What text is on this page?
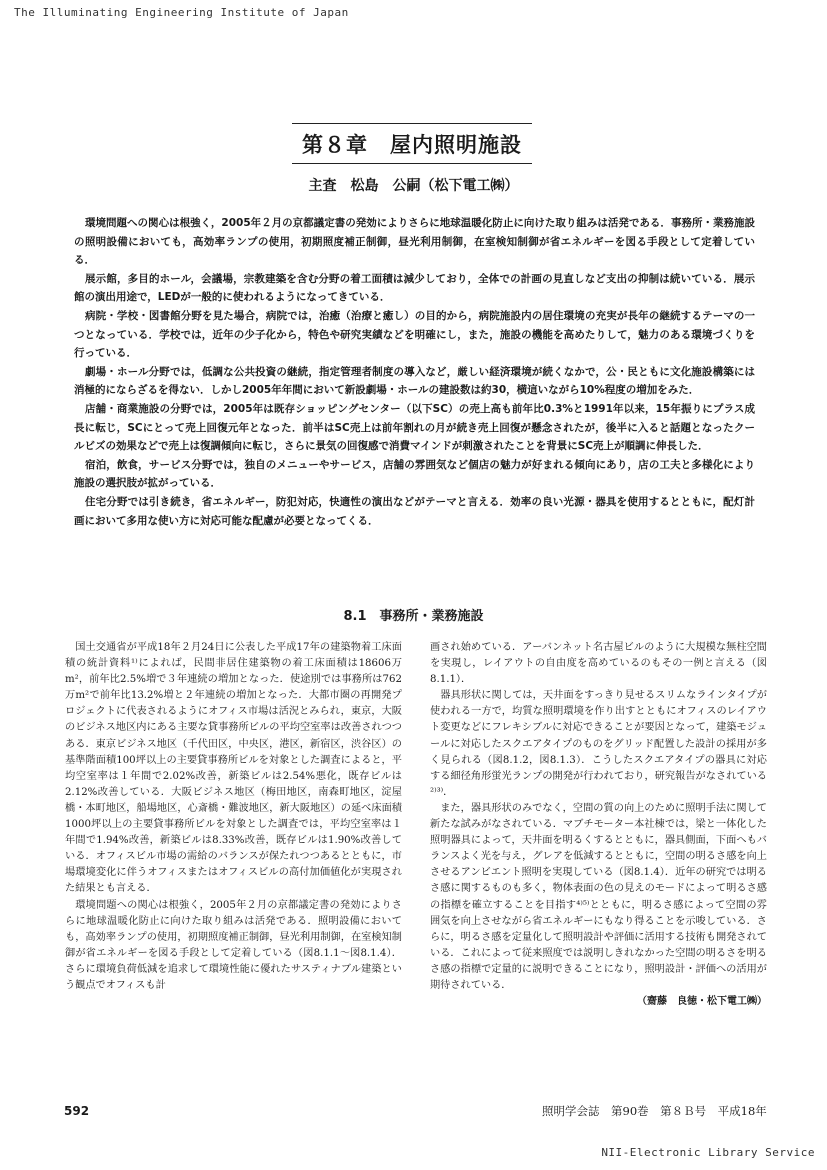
The Illuminating Engineering Institute of Japan
第８章　屋内照明施設
主査　松島　公嗣（松下電工㈱）

環境問題への関心は根強く，2005年２月の京都議定書の発効によりさらに地球温暖化防止に向けた取り組みは活発である．事務所・業務施設の照明設備においても，高効率ランプの使用，初期照度補正制御，昼光利用制御，在室検知制御が省エネルギーを図る手段として定着している．

展示館，多目的ホール，会議場，宗教建築を含む分野の着工面積は減少しており，全体での計画の見直しなど支出の抑制は続いている．展示館の演出用途で，LEDが一般的に使われるようになってきている．

病院・学校・図書館分野を見た場合，病院では，治癒（治療と癒し）の目的から，病院施設内の居住環境の充実が長年の継続するテーマの一つとなっている．学校では，近年の少子化から，特色や研究実績などを明確にし，また，施設の機能を高めたりして，魅力のある環境づくりを行っている．

劇場・ホール分野では，低調な公共投資の継続，指定管理者制度の導入など，厳しい経済環境が続くなかで，公・民ともに文化施設構築には消極的にならざるを得ない．しかし2005年年間において新設劇場・ホールの建設数は約30，横這いながら10%程度の増加をみた．

店舗・商業施設の分野では，2005年は既存ショッピングセンター（以下SC）の売上高も前年比0.3%と1991年以来，15年振りにプラス成長に転じ，SCにとって売上回復元年となった．前半はSC売上は前年割れの月が続き売上回復が懸念されたが，後半に入ると話題となったクールビズの効果などで売上は復調傾向に転じ，さらに景気の回復感で消費マインドが刺激されたことを背景にSC売上が順調に伸長した．

宿泊，飲食，サービス分野では，独自のメニューやサービス，店舗の雰囲気など個店の魅力が好まれる傾向にあり，店の工夫と多様化により施設の選択肢が拡がっている．

住宅分野では引き続き，省エネルギー，防犯対応，快適性の演出などがテーマと言える．効率の良い光源・器具を使用するとともに，配灯計画において多用な使い方に対応可能な配慮が必要となってくる．

8.1　事務所・業務施設

国土交通省が平成18年２月24日に公表した平成17年の建築物着工床面積の統計資料¹⁾によれば，民間非居住建築物の着工床面積は18606万m²，前年比2.5%増で３年連続の増加となった．使途別では事務所は762万m²で前年比13.2%増と２年連続の増加となった．大都市圏の再開発プロジェクトに代表されるようにオフィス市場は活況とみられ，東京，大阪のビジネス地区内にある主要な貸事務所ビルの平均空室率は改善されつつある．東京ビジネス地区（千代田区，中央区，港区，新宿区，渋谷区）の基準階面積100坪以上の主要貸事務所ビルを対象とした調査によると，平均空室率は１年間で2.02%改善，新築ビルは2.54%悪化，既存ビルは2.12%改善している．大阪ビジネス地区（梅田地区，南森町地区，淀屋橋・本町地区，船場地区，心斎橋・難波地区，新大阪地区）の延べ床面積1000坪以上の主要貸事務所ビルを対象とした調査では，平均空室率は１年間で1.94%改善，新築ビルは8.33%改善，既存ビルは1.90%改善している．オフィスビル市場の需給のバランスが保たれつつあるとともに，市場環境変化に伴うオフィスまたはオフィスビルの高付加価値化が実現された結果とも言える．

環境問題への関心は根強く，2005年２月の京都議定書の発効によりさらに地球温暖化防止に向けた取り組みは活発である．照明設備においても，高効率ランプの使用，初期照度補正制御，昼光利用制御，在室検知制御が省エネルギーを図る手段として定着している（図8.1.1〜図8.1.4）．さらに環境負荷低減を追求して環境性能に優れたサスティナブル建築という観点でオフィスも計

画され始めている．アーバンネット名古屋ビルのように大規模な無柱空間を実現し，レイアウトの自由度を高めているのもその一例と言える（図8.1.1）．

器具形状に関しては，天井面をすっきり見せるスリムなラインタイプが使われる一方で，均質な照明環境を作り出すとともにオフィスのレイアウト変更などにフレキシブルに対応できることが要因となって，建築モジュールに対応したスクエアタイプのものをグリッド配置した設計の採用が多く見られる（図8.1.2，図8.1.3）．こうしたスクエアタイプの器具に対応する細径角形蛍光ランプの開発が行われており，研究報告がなされている²⁾³⁾．

また，器具形状のみでなく，空間の質の向上のために照明手法に関して新たな試みがなされている．マブチモーター本社棟では，梁と一体化した照明器具によって，天井面を明るくするとともに，器具側面，下面へもバランスよく光を与え，グレアを低減するとともに，空間の明るさ感を向上させるアンビエント照明を実現している（図8.1.4）．近年の研究では明るさ感に関するものも多く，物体表面の色の見えのモードによって明るさ感の指標を確立することを目指す⁴⁾⁵⁾とともに，明るさ感によって空間の雰囲気を向上させながら省エネルギーにもなり得ることを示唆している．さらに，明るさ感を定量化して照明設計や評価に活用する技術も開発されている．これによって従来照度では説明しきれなかった空間の明るさを明るさ感の指標で定量的に説明できることになり，照明設計・評価への活用が期待されている．

（齋藤　良徳・松下電工㈱）
592	照明学会誌　第90巻　第８Ｂ号　平成18年
NII-Electronic Library Service
